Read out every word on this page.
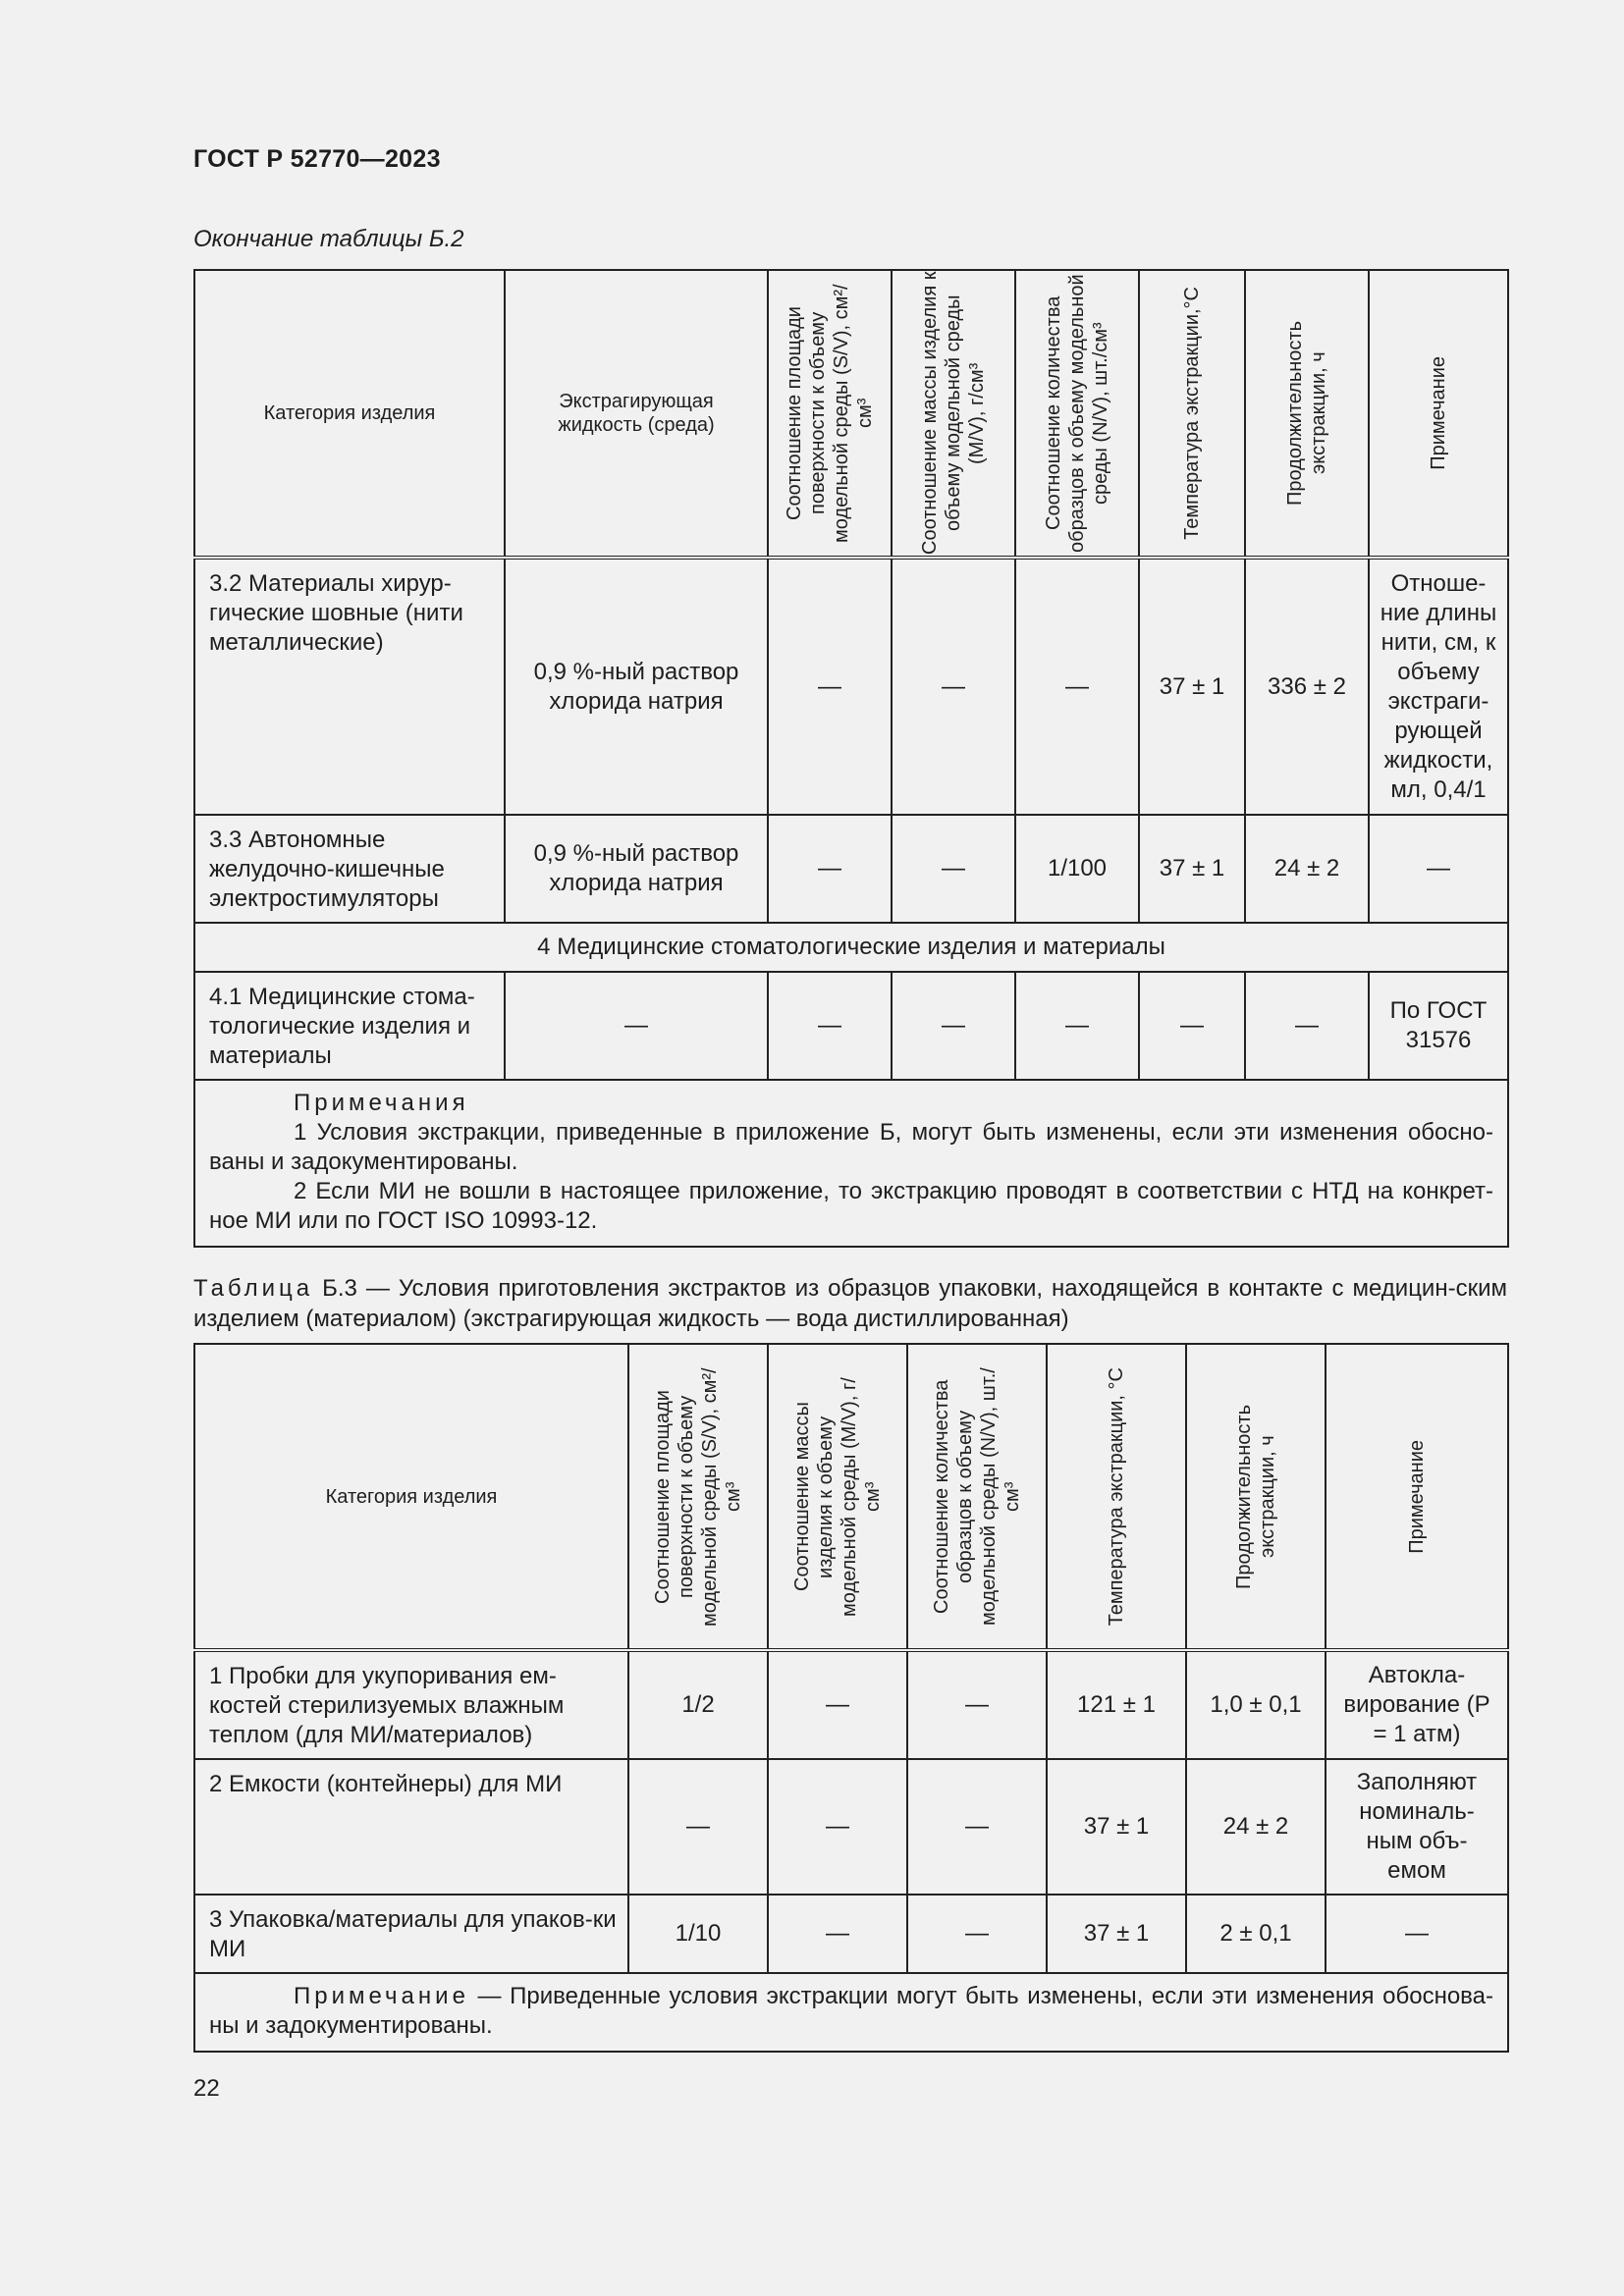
ГОСТ Р 52770—2023
Окончание таблицы Б.2
Категория изделия	Экстрагирующая жидкость (среда)	Соотношение площади поверхности к объему модельной среды (S/V), см²/см³	Соотношение массы изделия к объему модельной среды (M/V), г/см³	Соотношение количества образцов к объему модельной среды (N/V), шт./см³	Температура экстракции,°С	Продолжительность экстракции, ч	Примечание

3.2 Материалы хирур-гические шовные (нити металлические)	0,9 %-ный раствор хлорида натрия	—	—	—	37 ± 1	336 ± 2	Отноше-ние длины нити, см, к объему экстраги-рующей жидкости, мл, 0,4/1
3.3 Автономные желудочно-кишечные электростимуляторы	0,9 %-ный раствор хлорида натрия	—	—	1/100	37 ± 1	24 ± 2	—
4 Медицинские стоматологические изделия и материалы							
4.1 Медицинские стома-тологические изделия и материалы	—	—	—	—	—	—	По ГОСТ 31576

Примечания

1 Условия экстракции, приведенные в приложение Б, могут быть изменены, если эти изменения обосно-ваны и задокументированы.

2 Если МИ не вошли в настоящее приложение, то экстракцию проводят в соответствии с НТД на конкрет-ное МИ или по ГОСТ ISO 10993-12.							

Таблица Б.3 — Условия приготовления экстрактов из образцов упаковки, находящейся в контакте с медицин-ским изделием (материалом) (экстрагирующая жидкость — вода дистиллированная)
Категория изделия	Соотношение площади поверхности к объему модельной среды (S/V), см²/см³	Соотношение массы изделия к объему модельной среды (M/V), г/см³	Соотношение количества образцов к объему модельной среды (N/V), шт./см³	Температура экстракции, °С	Продолжительность экстракции, ч	Примечание

1 Пробки для укупоривания ем-костей стерилизуемых влажным теплом (для МИ/материалов)	1/2	—	—	121 ± 1	1,0 ± 0,1	Автокла-вирование (P = 1 атм)
2 Емкости (контейнеры) для МИ	—	—	—	37 ± 1	24 ± 2	Заполняют номиналь-ным объ-емом
3 Упаковка/материалы для упаков-ки МИ	1/10	—	—	37 ± 1	2 ± 0,1	—

Примечание — Приведенные условия экстракции могут быть изменены, если эти изменения обоснова-ны и задокументированы.						

22
